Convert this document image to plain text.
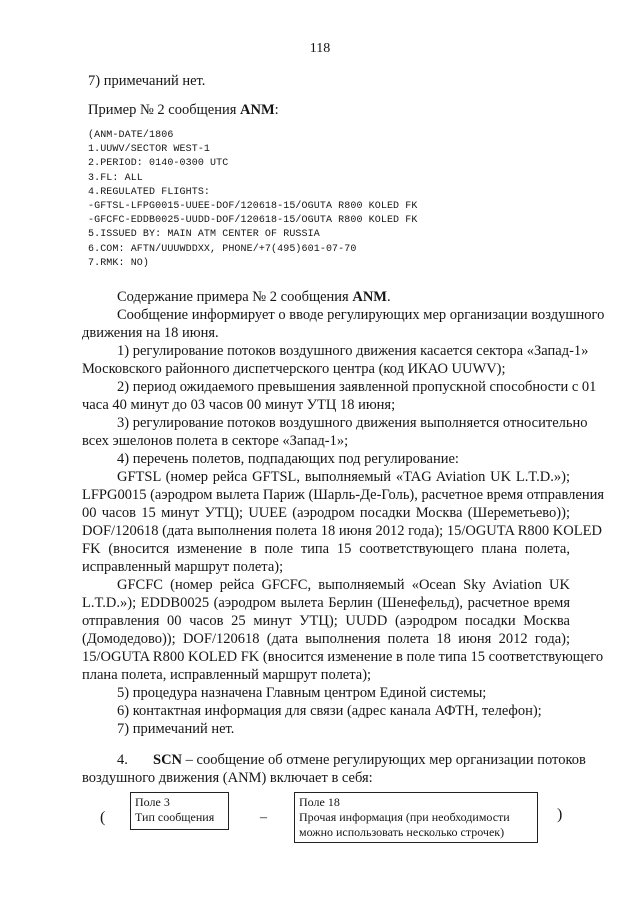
118
7) примечаний нет.
Пример № 2 сообщения ANM:
(ANM-DATE/1806
1.UUWV/SECTOR WEST-1
2.PERIOD: 0140-0300 UTC
3.FL: ALL
4.REGULATED FLIGHTS:
-GFTSL-LFPG0015-UUEE-DOF/120618-15/OGUTA R800 KOLED FK
-GFCFC-EDDB0025-UUDD-DOF/120618-15/OGUTA R800 KOLED FK
5.ISSUED BY: MAIN ATM CENTER OF RUSSIA
6.COM: AFTN/UUUWDDXX, PHONE/+7(495)601-07-70
7.RMK: NO)
Содержание примера № 2 сообщения ANM.
Сообщение информирует о вводе регулирующих мер организации воздушного
движения на 18 июня.
1) регулирование потоков воздушного движения касается сектора «Запад-1»
Московского районного диспетчерского центра (код ИКАО UUWV);
2) период ожидаемого превышения заявленной пропускной способности с 01
часа 40 минут до 03 часов 00 минут УТЦ 18 июня;
3) регулирование потоков воздушного движения выполняется относительно
всех эшелонов полета в секторе «Запад-1»;
4) перечень полетов, подпадающих под регулирование:
GFTSL (номер рейса GFTSL, выполняемый «TAG Aviation UK L.T.D.»);
LFPG0015 (аэродром вылета Париж (Шарль-Де-Голь), расчетное время отправления
00 часов 15 минут УТЦ); UUEE (аэродром посадки Москва (Шереметьево));
DOF/120618 (дата выполнения полета 18 июня 2012 года); 15/OGUTA R800 KOLED
FK (вносится изменение в поле типа 15 соответствующего плана полета,
исправленный маршрут полета);
GFCFC (номер рейса GFCFC, выполняемый «Ocean Sky Aviation UK
L.T.D.»); EDDB0025 (аэродром вылета Берлин (Шенефельд), расчетное время
отправления 00 часов 25 минут УТЦ); UUDD (аэродром посадки Москва
(Домодедово)); DOF/120618 (дата выполнения полета 18 июня 2012 года);
15/OGUTA R800 KOLED FK (вносится изменение в поле типа 15 соответствующего
плана полета, исправленный маршрут полета);
5) процедура назначена Главным центром Единой системы;
6) контактная информация для связи (адрес канала АФТН, телефон);
7) примечаний нет.
4. SCN – сообщение об отмене регулирующих мер организации потоков
воздушного движения (ANM) включает в себя:
(
Поле 3
Тип сообщения	–
Поле 18
Прочая информация (при необходимости
можно использовать несколько строчек)
)
